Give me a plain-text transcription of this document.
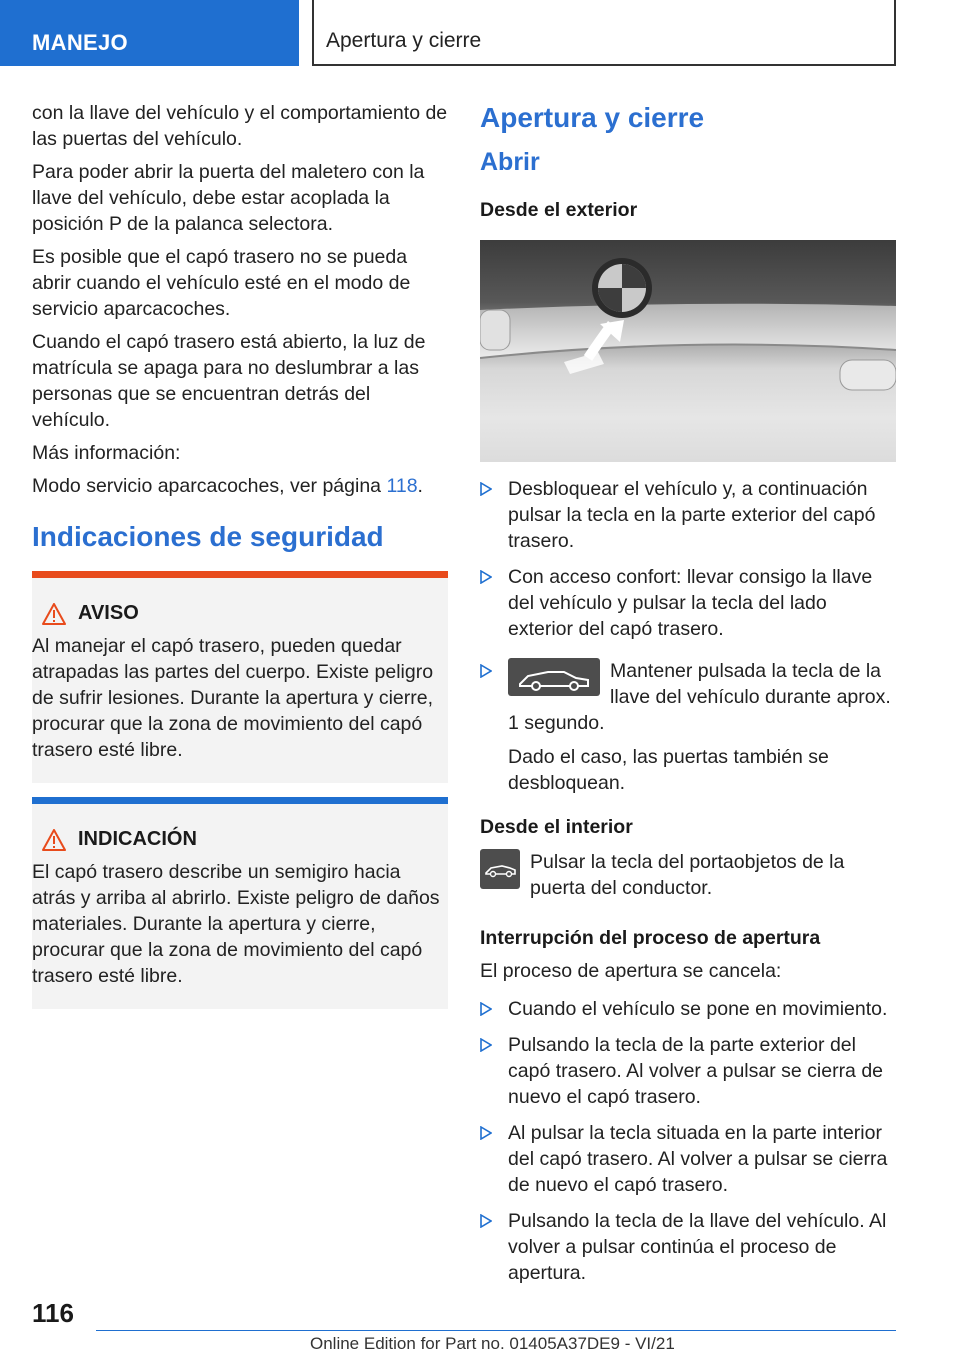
MANEJO	Apertura y cierre

con la llave del vehículo y el comportamiento de las puertas del vehículo.

Para poder abrir la puerta del maletero con la llave del vehículo, debe estar acoplada la posición P de la palanca selectora.

Es posible que el capó trasero no se pueda abrir cuando el vehículo esté en el modo de servicio aparcacoches.

Cuando el capó trasero está abierto, la luz de matrícula se apaga para no deslumbrar a las personas que se encuentran detrás del vehículo.

Más información:

Modo servicio aparcacoches, ver página 118.

Indicaciones de seguridad
AVISO
Al manejar el capó trasero, pueden quedar atrapadas las partes del cuerpo. Existe peligro de sufrir lesiones. Durante la apertura y cierre, procurar que la zona de movimiento del capó trasero esté libre.
INDICACIÓN
El capó trasero describe un semigiro hacia atrás y arriba al abrirlo. Existe peligro de daños materiales. Durante la apertura y cierre, procurar que la zona de movimiento del capó trasero esté libre.
Apertura y cierre
Abrir
Desde el exterior
Desbloquear el vehículo y, a continuación pulsar la tecla en la parte exterior del capó trasero.
Con acceso confort: llevar consigo la llave del vehículo y pulsar la tecla del lado exterior del capó trasero.
Mantener pulsada la tecla de la llave del vehículo durante aprox. 1 segundo.
Dado el caso, las puertas también se desbloquean.
Desde el interior
Pulsar la tecla del portaobjetos de la puerta del conductor.
Interrupción del proceso de apertura

El proceso de apertura se cancela:

Cuando el vehículo se pone en movimiento.
Pulsando la tecla de la parte exterior del capó trasero. Al volver a pulsar se cierra de nuevo el capó trasero.
Al pulsar la tecla situada en la parte interior del capó trasero. Al volver a pulsar se cierra de nuevo el capó trasero.
Pulsando la tecla de la llave del vehículo. Al volver a pulsar continúa el proceso de apertura.
116
Online Edition for Part no. 01405A37DE9 - VI/21
